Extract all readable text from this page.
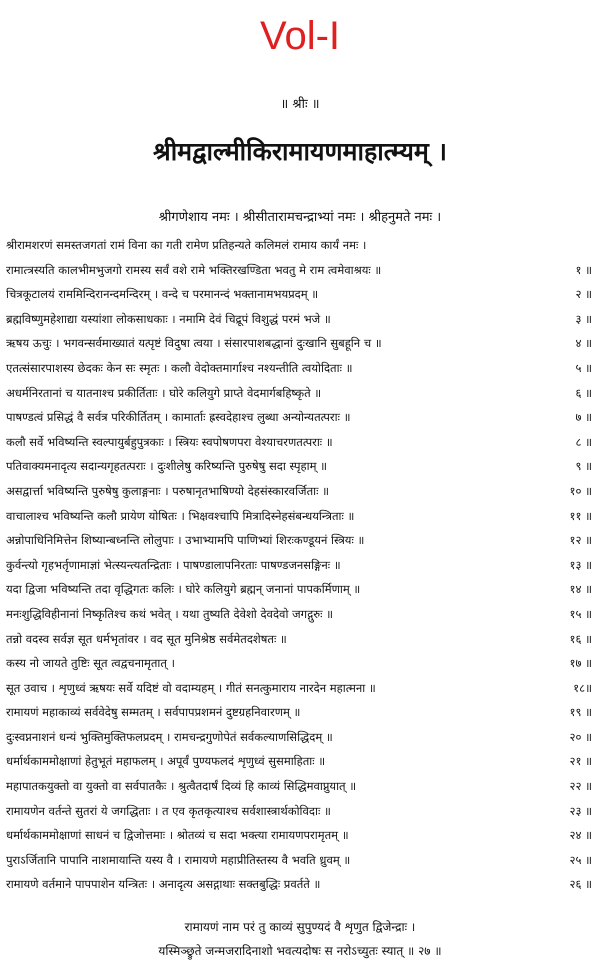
Vol-I
॥ श्रीः ॥
श्रीमद्वाल्मीकिरामायणमाहात्म्यम् ।
श्रीगणेशाय नमः । श्रीसीतारामचन्द्राभ्यां नमः । श्रीहनुमते नमः ।
श्रीरामशरणं समस्तजगतां रामं विना का गती रामेण प्रतिहन्यते कलिमलं रामाय कार्यं नमः ।
रामात्त्रस्यति कालभीमभुजगो रामस्य सर्वं वशे रामे भक्तिरखण्डिता भवतु मे राम त्वमेवाश्रयः ॥	१ ॥
चित्रकूटालयं राममिन्दिरानन्दमन्दिरम् । वन्दे च परमानन्दं भक्तानामभयप्रदम् ॥	२ ॥
ब्रह्मविष्णुमहेशाद्या यस्यांशा लोकसाधकाः । नमामि देवं चिद्रूपं विशुद्धं परमं भजे ॥	३ ॥
ऋषय ऊचुः । भगवन्सर्वमाख्यातं यत्पृष्टं विदुषा त्वया । संसारपाशबद्धानां दुःखानि सुबहूनि च ॥	४ ॥
एतत्संसारपाशस्य छेदकः केन सः स्मृतः । कलौ वेदोक्तमार्गाश्च नश्यन्तीति त्वयोदिताः ॥	५ ॥
अधर्मनिरतानां च यातनाश्च प्रकीर्तिताः । घोरे कलियुगे प्राप्ते वेदमार्गबहिष्कृते ॥	६ ॥
पाषण्डत्वं प्रसिद्धं वै सर्वत्र परिकीर्तितम् । कामार्ताः ह्रस्वदेहाश्च लुब्धा अन्योन्यतत्पराः ॥	७ ॥
कलौ सर्वे भविष्यन्ति स्वल्पायुर्बहुपुत्रकाः । स्त्रियः स्वपोषणपरा वेश्याचरणतत्पराः ॥	८ ॥
पतिवाक्यमनादृत्य सदान्यगृहतत्पराः । दुःशीलेषु करिष्यन्ति पुरुषेषु सदा स्पृहाम् ॥	९ ॥
असद्वार्त्ता भविष्यन्ति पुरुषेषु कुलाङ्गनाः । परुषानृतभाषिण्यो देहसंस्कारवर्जिताः ॥	१० ॥
वाचालाश्च भविष्यन्ति कलौ प्रायेण योषितः । भिक्षवश्चापि मित्रादिस्नेहसंबन्धयन्त्रिताः ॥	११ ॥
अन्नोपाधिनिमित्तेन शिष्यान्बध्नन्ति लोलुपाः । उभाभ्यामपि पाणिभ्यां शिरःकण्डूयनं स्त्रियः ॥	१२ ॥
कुर्वन्त्यो गृहभर्तृणामाज्ञां भेत्स्यन्त्यतन्द्रिताः । पाषण्डालापनिरताः पाषण्डजनसङ्गिनः ॥	१३ ॥
यदा द्विजा भविष्यन्ति तदा वृद्धिगतः कलिः । घोरे कलियुगे ब्रह्मन् जनानां पापकर्मिणाम् ॥	१४ ॥
मनःशुद्धिविहीनानां निष्कृतिश्च कथं भवेत् । यथा तुष्यति देवेशो देवदेवो जगद्गुरुः ॥	१५ ॥
तन्नो वदस्व सर्वज्ञ सूत धर्मभृतांवर । वद सूत मुनिश्रेष्ठ सर्वमेतदशेषतः ॥	१६ ॥
कस्य नो जायते तुष्टिः सूत त्वद्वचनामृतात् ।	१७ ॥
सूत उवाच । शृणुध्वं ऋषयः सर्वे यदिष्टं वो वदाम्यहम् । गीतं सनत्कुमाराय नारदेन महात्मना ॥	१८॥
रामायणं महाकाव्यं सर्ववेदेषु सम्मतम् । सर्वपापप्रशमनं दुष्टग्रहनिवारणम् ॥	१९ ॥
दुःस्वप्ननाशनं धन्यं भुक्तिमुक्तिफलप्रदम् । रामचन्द्रगुणोपेतं सर्वकल्याणसिद्धिदम् ॥	२० ॥
धर्मार्थकाममोक्षाणां हेतुभूतं महाफलम् । अपूर्वं पुण्यफलदं शृणुध्वं सुसमाहिताः ॥	२१ ॥
महापातकयुक्तो वा युक्तो वा सर्वपातकैः । श्रुत्वैतदार्षं दिव्यं हि काव्यं सिद्धिमवाप्नुयात् ॥	२२ ॥
रामायणेन वर्तन्ते सुतरां ये जगद्धिताः । त एव कृतकृत्याश्च सर्वशास्त्रार्थकोविदाः ॥	२३ ॥
धर्मार्थकाममोक्षाणां साधनं च द्विजोत्तमाः । श्रोतव्यं च सदा भक्त्या रामायणपरामृतम् ॥	२४ ॥
पुराऽर्जितानि पापानि नाशमायान्ति यस्य वै । रामायणे महाप्रीतिस्तस्य वै भवति ध्रुवम् ॥	२५ ॥
रामायणे वर्तमाने पापपाशेन यन्त्रितः । अनादृत्य असद्गाथाः सक्तबुद्धिः प्रवर्तते ॥	२६ ॥
रामायणं नाम परं तु काव्यं सुपुण्यदं वै शृणुत द्विजेन्द्राः ।
यस्मिञ्छ्रुते जन्मजरादिनाशो भवत्यदोषः स नरोऽच्युतः स्यात् ॥ २७ ॥
